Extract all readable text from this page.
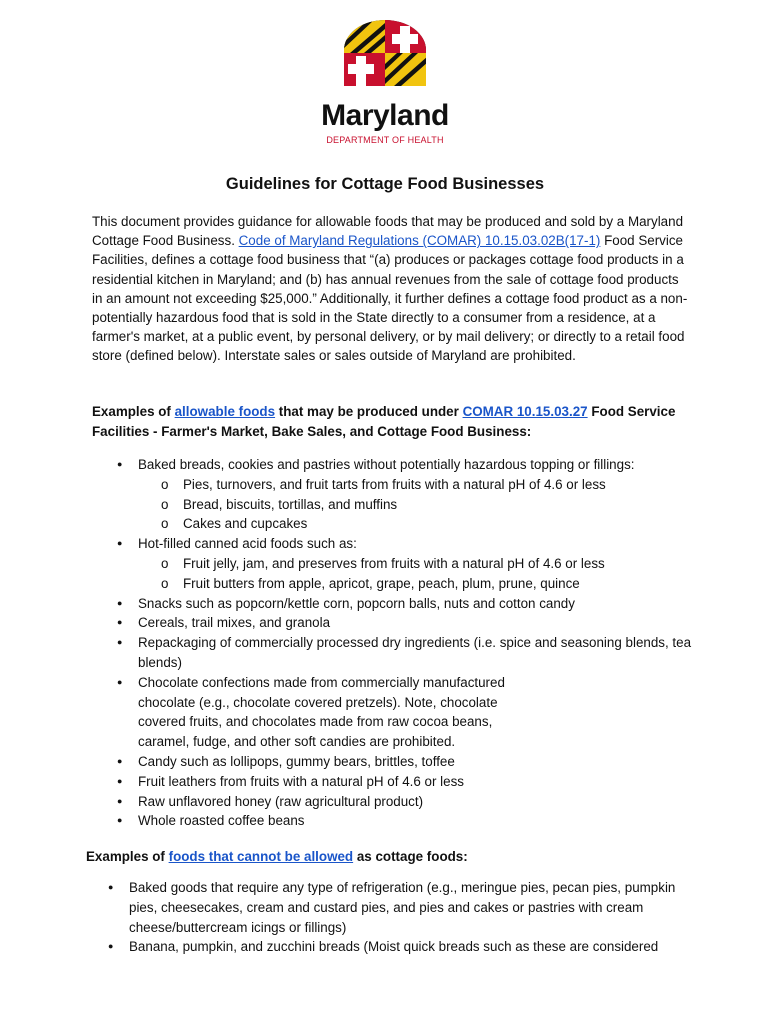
Maryland
DEPARTMENT OF HEALTH
Guidelines for Cottage Food Businesses
This document provides guidance for allowable foods that may be produced and sold by a Maryland Cottage Food Business. Code of Maryland Regulations (COMAR) 10.15.03.02B(17-1) Food Service Facilities, defines a cottage food business that “(a) produces or packages cottage food products in a residential kitchen in Maryland; and (b) has annual revenues from the sale of cottage food products in an amount not exceeding $25,000.” Additionally, it further defines a cottage food product as a non-potentially hazardous food that is sold in the State directly to a consumer from a residence, at a farmer's market, at a public event, by personal delivery, or by mail delivery; or directly to a retail food store (defined below). Interstate sales or sales outside of Maryland are prohibited.
Examples of allowable foods that may be produced under COMAR 10.15.03.27 Food Service Facilities - Farmer's Market, Bake Sales, and Cottage Food Business:
● Baked breads, cookies and pastries without potentially hazardous topping or fillings:
o Pies, turnovers, and fruit tarts from fruits with a natural pH of 4.6 or less
o Bread, biscuits, tortillas, and muffins
o Cakes and cupcakes
● Hot-filled canned acid foods such as:
o Fruit jelly, jam, and preserves from fruits with a natural pH of 4.6 or less
o Fruit butters from apple, apricot, grape, peach, plum, prune, quince
● Snacks such as popcorn/kettle corn, popcorn balls, nuts and cotton candy
● Cereals, trail mixes, and granola
● Repackaging of commercially processed dry ingredients (i.e. spice and seasoning blends, tea blends)
● Chocolate confections made from commercially manufactured chocolate (e.g., chocolate covered pretzels). Note, chocolate covered fruits, and chocolates made from raw cocoa beans, caramel, fudge, and other soft candies are prohibited.
● Candy such as lollipops, gummy bears, brittles, toffee
● Fruit leathers from fruits with a natural pH of 4.6 or less
● Raw unflavored honey (raw agricultural product)
● Whole roasted coffee beans
Examples of foods that cannot be allowed as cottage foods:
● Baked goods that require any type of refrigeration (e.g., meringue pies, pecan pies, pumpkin pies, cheesecakes, cream and custard pies, and pies and cakes or pastries with cream cheese/buttercream icings or fillings)
● Banana, pumpkin, and zucchini breads (Moist quick breads such as these are considered
